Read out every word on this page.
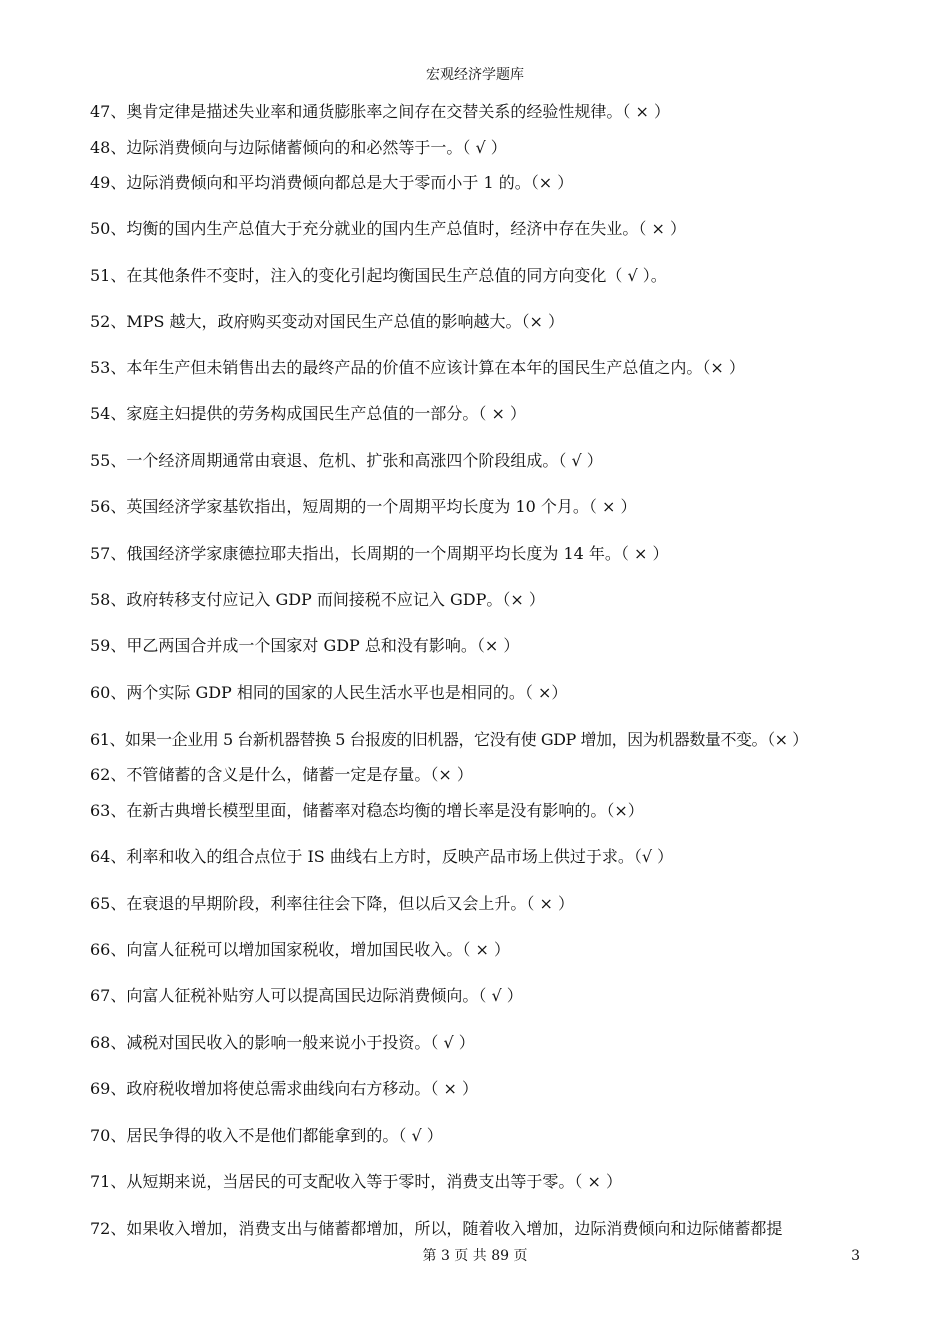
宏观经济学题库
47、奥肯定律是描述失业率和通货膨胀率之间存在交替关系的经验性规律。（ × ）
48、边际消费倾向与边际储蓄倾向的和必然等于一。（ √ ）
49、边际消费倾向和平均消费倾向都总是大于零而小于 1 的。（× ）
50、均衡的国内生产总值大于充分就业的国内生产总值时，经济中存在失业。（ × ）
51、在其他条件不变时，注入的变化引起均衡国民生产总值的同方向变化（ √ ）。
52、MPS 越大，政府购买变动对国民生产总值的影响越大。（× ）
53、本年生产但未销售出去的最终产品的价值不应该计算在本年的国民生产总值之内。（× ）
54、家庭主妇提供的劳务构成国民生产总值的一部分。（ × ）
55、一个经济周期通常由衰退、危机、扩张和高涨四个阶段组成。（ √ ）
56、英国经济学家基钦指出，短周期的一个周期平均长度为 10 个月。（ × ）
57、俄国经济学家康德拉耶夫指出，长周期的一个周期平均长度为 14 年。（ × ）
58、政府转移支付应记入 GDP 而间接税不应记入 GDP。（× ）
59、甲乙两国合并成一个国家对 GDP 总和没有影响。（× ）
60、两个实际 GDP 相同的国家的人民生活水平也是相同的。（ ×）
61、如果一企业用 5 台新机器替换 5 台报废的旧机器，它没有使 GDP 增加，因为机器数量不变。（× ）
62、不管储蓄的含义是什么，储蓄一定是存量。（× ）
63、在新古典增长模型里面，储蓄率对稳态均衡的增长率是没有影响的。（×）
64、利率和收入的组合点位于 IS 曲线右上方时，反映产品市场上供过于求。（√ ）
65、在衰退的早期阶段，利率往往会下降，但以后又会上升。（ × ）
66、向富人征税可以增加国家税收，增加国民收入。（ × ）
67、向富人征税补贴穷人可以提高国民边际消费倾向。（ √ ）
68、减税对国民收入的影响一般来说小于投资。（ √ ）
69、政府税收增加将使总需求曲线向右方移动。（ × ）
70、居民争得的收入不是他们都能拿到的。（ √ ）
71、从短期来说，当居民的可支配收入等于零时，消费支出等于零。（ × ）
72、如果收入增加，消费支出与储蓄都增加，所以，随着收入增加，边际消费倾向和边际储蓄都提
第 3 页 共 89 页	3
